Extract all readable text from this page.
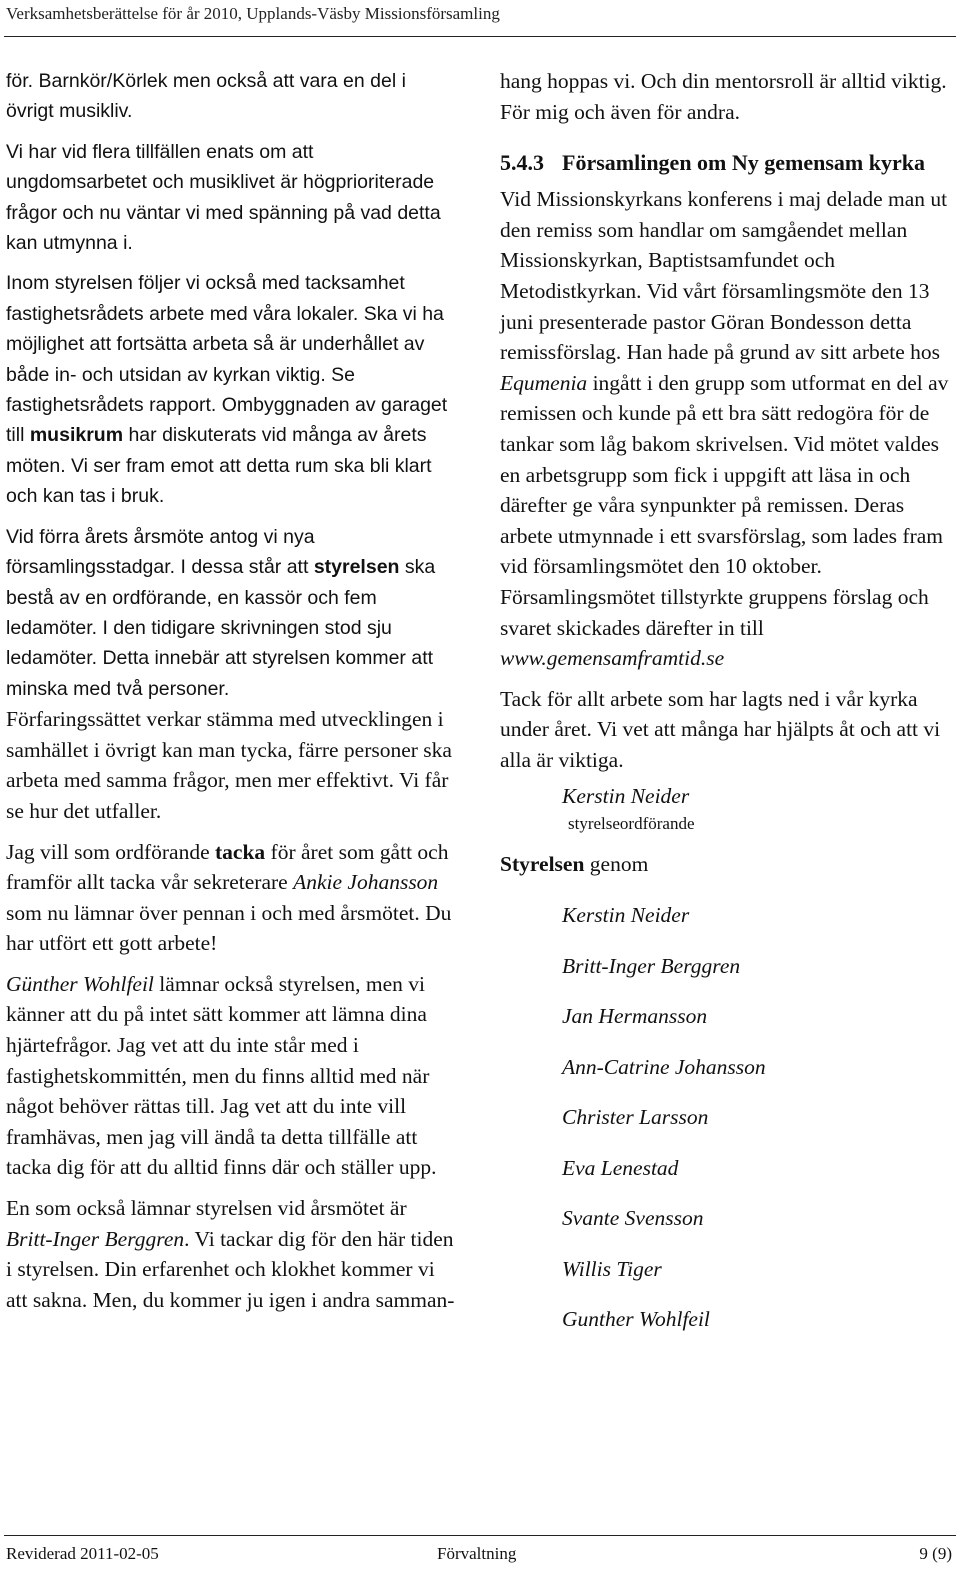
Verksamhetsberättelse för år 2010, Upplands-Väsby Missionsförsamling

för. Barnkör/Körlek men också att vara en del i övrigt musikliv.

Vi har vid flera tillfällen enats om att ungdomsarbetet och musiklivet är högprioriterade frågor och nu väntar vi med spänning på vad detta kan utmynna i.

Inom styrelsen följer vi också med tacksamhet fastighetsrådets arbete med våra lokaler. Ska vi ha möjlighet att fortsätta arbeta så är underhållet av både in- och utsidan av kyrkan viktig. Se fastighetsrådets rapport. Ombyggnaden av garaget till musikrum har diskuterats vid många av årets möten. Vi ser fram emot att detta rum ska bli klart och kan tas i bruk.

Vid förra årets årsmöte antog vi nya församlingsstadgar. I dessa står att styrelsen ska bestå av en ordförande, en kassör och fem ledamöter. I den tidigare skrivningen stod sju ledamöter. Detta innebär att styrelsen kommer att minska med två personer.

Förfaringssättet verkar stämma med utvecklingen i samhället i övrigt kan man tycka, färre personer ska arbeta med samma frågor, men mer effektivt. Vi får se hur det utfaller.

Jag vill som ordförande tacka för året som gått och framför allt tacka vår sekreterare Ankie Johansson som nu lämnar över pennan i och med årsmötet. Du har utfört ett gott arbete!

Günther Wohlfeil lämnar också styrelsen, men vi känner att du på intet sätt kommer att lämna dina hjärtefrågor. Jag vet att du inte står med i fastighetskommittén, men du finns alltid med när något behöver rättas till. Jag vet att du inte vill framhävas, men jag vill ändå ta detta tillfälle att tacka dig för att du alltid finns där och ställer upp.

En som också lämnar styrelsen vid årsmötet är Britt-Inger Berggren. Vi tackar dig för den här tiden i styrelsen. Din erfarenhet och klokhet kommer vi att sakna. Men, du kommer ju igen i andra samman-

hang hoppas vi. Och din mentorsroll är alltid viktig. För mig och även för andra.

5.4.3 Församlingen om Ny gemensam kyrka

Vid Missionskyrkans konferens i maj delade man ut den remiss som handlar om samgåendet mellan Missionskyrkan, Baptistsamfundet och Metodistkyrkan. Vid vårt församlingsmöte den 13 juni presenterade pastor Göran Bondesson detta remissförslag. Han hade på grund av sitt arbete hos Equmenia ingått i den grupp som utformat en del av remissen och kunde på ett bra sätt redogöra för de tankar som låg bakom skrivelsen. Vid mötet valdes en arbetsgrupp som fick i uppgift att läsa in och därefter ge våra synpunkter på remissen. Deras arbete utmynnade i ett svarsförslag, som lades fram vid församlingsmötet den 10 oktober. Församlingsmötet tillstyrkte gruppens förslag och svaret skickades därefter in till www.gemensamframtid.se

Tack för allt arbete som har lagts ned i vår kyrka under året. Vi vet att många har hjälpts åt och att vi alla är viktiga.

Kerstin Neider
styrelseordförande

Styrelsen genom

Kerstin Neider
Britt-Inger Berggren
Jan Hermansson
Ann-Catrine Johansson
Christer Larsson
Eva Lenestad
Svante Svensson
Willis Tiger
Gunther Wohlfeil
Reviderad 2011-02-05	Förvaltning	9 (9)
